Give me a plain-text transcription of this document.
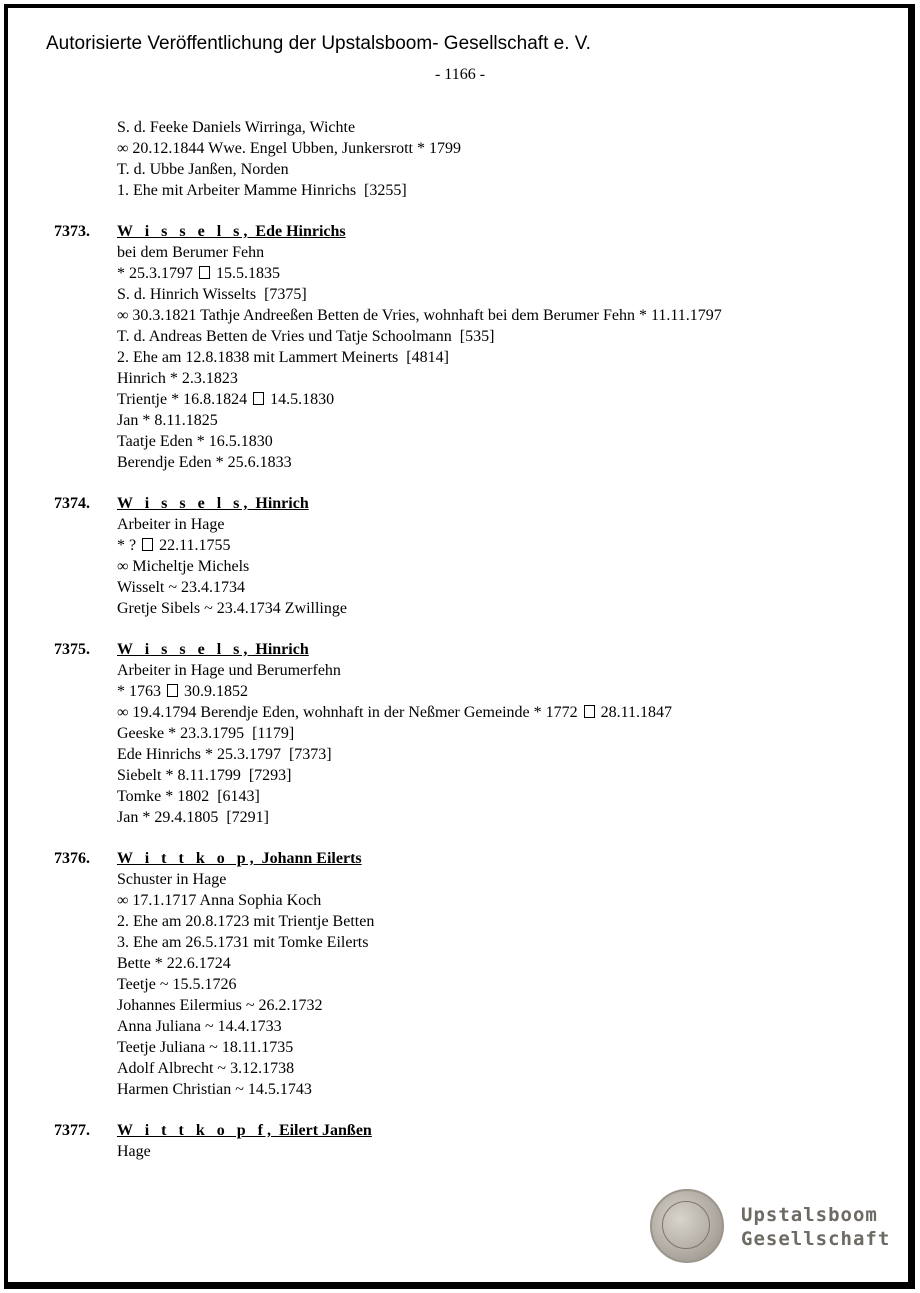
Autorisierte Veröffentlichung der Upstalsboom- Gesellschaft e. V.
- 1166 -
S. d. Feeke Daniels Wirringa, Wichte
∞ 20.12.1844 Wwe. Engel Ubben, Junkersrott * 1799
T. d. Ubbe Janßen, Norden
1. Ehe mit Arbeiter Mamme Hinrichs  [3255]
7373.	W i s s e l s, Ede Hinrichs
bei dem Berumer Fehn
* 25.3.1797  15.5.1835
S. d. Hinrich Wisselts  [7375]
∞ 30.3.1821 Tathje Andreeßen Betten de Vries, wohnhaft bei dem Berumer Fehn * 11.11.1797
T. d. Andreas Betten de Vries und Tatje Schoolmann  [535]
2. Ehe am 12.8.1838 mit Lammert Meinerts  [4814]
Hinrich * 2.3.1823
Trientje * 16.8.1824  14.5.1830
Jan * 8.11.1825
Taatje Eden * 16.5.1830
Berendje Eden * 25.6.1833
7374.	W i s s e l s, Hinrich
Arbeiter in Hage
* ?  22.11.1755
∞ Micheltje Michels
Wisselt ~ 23.4.1734
Gretje Sibels ~ 23.4.1734 Zwillinge
7375.	W i s s e l s, Hinrich
Arbeiter in Hage und Berumerfehn
* 1763  30.9.1852
∞ 19.4.1794 Berendje Eden, wohnhaft in der Neßmer Gemeinde * 1772  28.11.1847
Geeske * 23.3.1795  [1179]
Ede Hinrichs * 25.3.1797  [7373]
Siebelt * 8.11.1799  [7293]
Tomke * 1802  [6143]
Jan * 29.4.1805  [7291]
7376.	W i t t k o p, Johann Eilerts
Schuster in Hage
∞ 17.1.1717 Anna Sophia Koch
2. Ehe am 20.8.1723 mit Trientje Betten
3. Ehe am 26.5.1731 mit Tomke Eilerts
Bette * 22.6.1724
Teetje ~ 15.5.1726
Johannes Eilermius ~ 26.2.1732
Anna Juliana ~ 14.4.1733
Teetje Juliana ~ 18.11.1735
Adolf Albrecht ~ 3.12.1738
Harmen Christian ~ 14.5.1743
7377.	W i t t k o p f, Eilert Janßen
Hage
Upstalsboom
Gesellschaft
